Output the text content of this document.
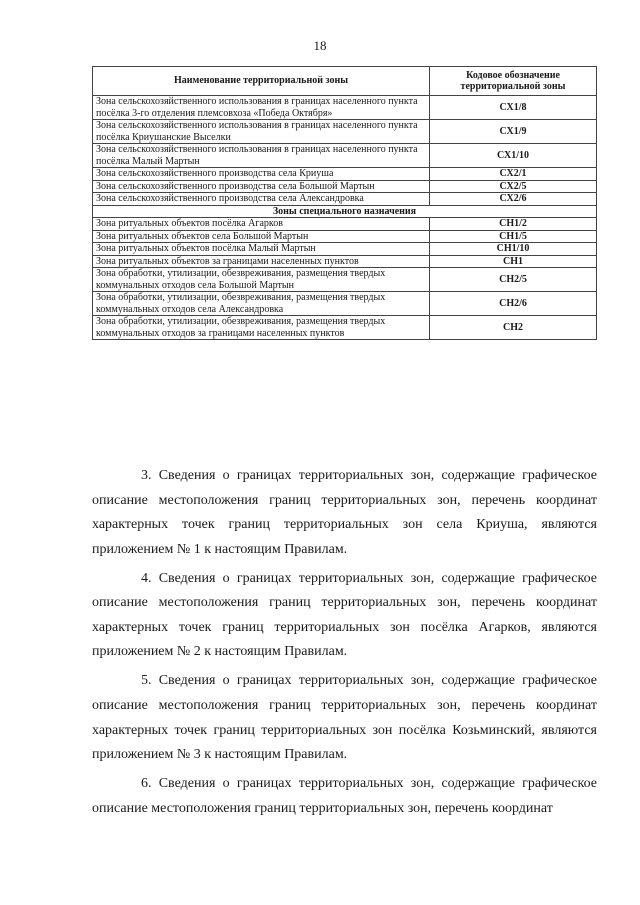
18
Наименование территориальной зоны	Кодовое обозначение территориальной зоны
Зона сельскохозяйственного использования в границах населенного пункта посёлка 3-го отделения племсовхоза «Победа Октября»	СХ1/8
Зона сельскохозяйственного использования в границах населенного пункта посёлка Криушанские Выселки	СХ1/9
Зона сельскохозяйственного использования в границах населенного пункта посёлка Малый Мартын	СХ1/10
Зона сельскохозяйственного производства села Криуша	СХ2/1
Зона сельскохозяйственного производства села Большой Мартын	СХ2/5
Зона сельскохозяйственного производства села Александровка	СХ2/6
Зоны специального назначения	
Зона ритуальных объектов посёлка Агарков	СН1/2
Зона ритуальных объектов села Большой Мартын	СН1/5
Зона ритуальных объектов посёлка Малый Мартын	СН1/10
Зона ритуальных объектов за границами населенных пунктов	СН1
Зона обработки, утилизации, обезвреживания, размещения твердых коммунальных отходов села Большой Мартын	СН2/5
Зона обработки, утилизации, обезвреживания, размещения твердых коммунальных отходов села Александровка	СН2/6
Зона обработки, утилизации, обезвреживания, размещения твердых коммунальных отходов за границами населенных пунктов	СН2

3. Сведения о границах территориальных зон, содержащие графическое описание местоположения границ территориальных зон, перечень координат характерных точек границ территориальных зон села Криуша, являются приложением № 1 к настоящим Правилам.

4. Сведения о границах территориальных зон, содержащие графическое описание местоположения границ территориальных зон, перечень координат характерных точек границ территориальных зон посёлка Агарков, являются приложением № 2 к настоящим Правилам.

5. Сведения о границах территориальных зон, содержащие графическое описание местоположения границ территориальных зон, перечень координат характерных точек границ территориальных зон посёлка Козьминский, являются приложением № 3 к настоящим Правилам.

6. Сведения о границах территориальных зон, содержащие графическое описание местоположения границ территориальных зон, перечень координат
